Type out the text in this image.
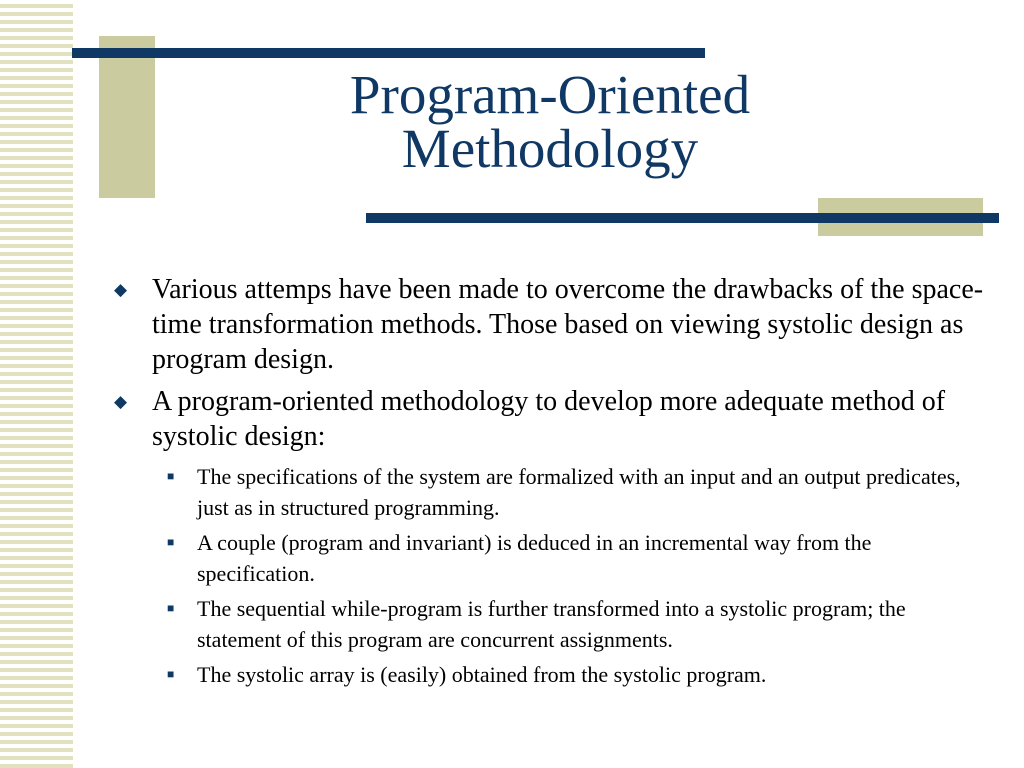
Program-Oriented
Methodology
◆ Various attemps have been made to overcome the drawbacks of the space-time transformation methods. Those based on viewing systolic design as program design.
◆ A program-oriented methodology to develop more adequate method of systolic design:
■ The specifications of the system are formalized with an input and an output predicates, just as in structured programming.
■ A couple (program and invariant) is deduced in an incremental way from the specification.
■ The sequential while-program is further transformed into a systolic program; the statement of this program are concurrent assignments.
■ The systolic array is (easily) obtained from the systolic program.
